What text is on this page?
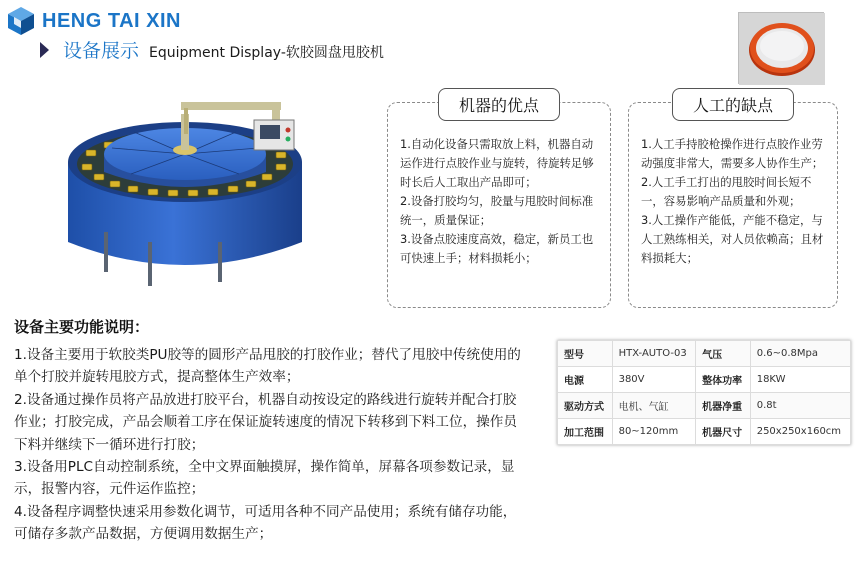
HENG TAI XIN
设备展示 Equipment Display-软胶圆盘甩胶机
机器的优点

1.自动化设备只需取放上料，机器自动运作进行点胶作业与旋转，待旋转足够时长后人工取出产品即可；

2.设备打胶均匀，胶量与甩胶时间标准统一，质量保证；

3.设备点胶速度高效，稳定，新员工也可快速上手；材料损耗小；

人工的缺点

1.人工手持胶枪操作进行点胶作业劳动强度非常大，需要多人协作生产；

2.人工手工打出的甩胶时间长短不一，容易影响产品质量和外观；

3.人工操作产能低，产能不稳定，与人工熟练相关，对人员依赖高；且材料损耗大；

设备主要功能说明：

1.设备主要用于软胶类PU胶等的圆形产品甩胶的打胶作业；替代了甩胶中传统使用的单个打胶并旋转甩胶方式，提高整体生产效率；

2.设备通过操作员将产品放进打胶平台，机器自动按设定的路线进行旋转并配合打胶作业；打胶完成，产品会顺着工序在保证旋转速度的情况下转移到下料工位，操作员下料并继续下一循环进行打胶；

3.设备用PLC自动控制系统，全中文界面触摸屏，操作简单，屏幕各项参数记录，显示，报警内容，元件运作监控；

4.设备程序调整快速采用参数化调节，可适用各种不同产品使用；系统有储存功能，可储存多款产品数据，方便调用数据生产；

型号	HTX-AUTO-03	气压	0.6~0.8Mpa
电源	380V	整体功率	18KW
驱动方式	电机、气缸	机器净重	0.8t
加工范围	80~120mm	机器尺寸	250x250x160cm
